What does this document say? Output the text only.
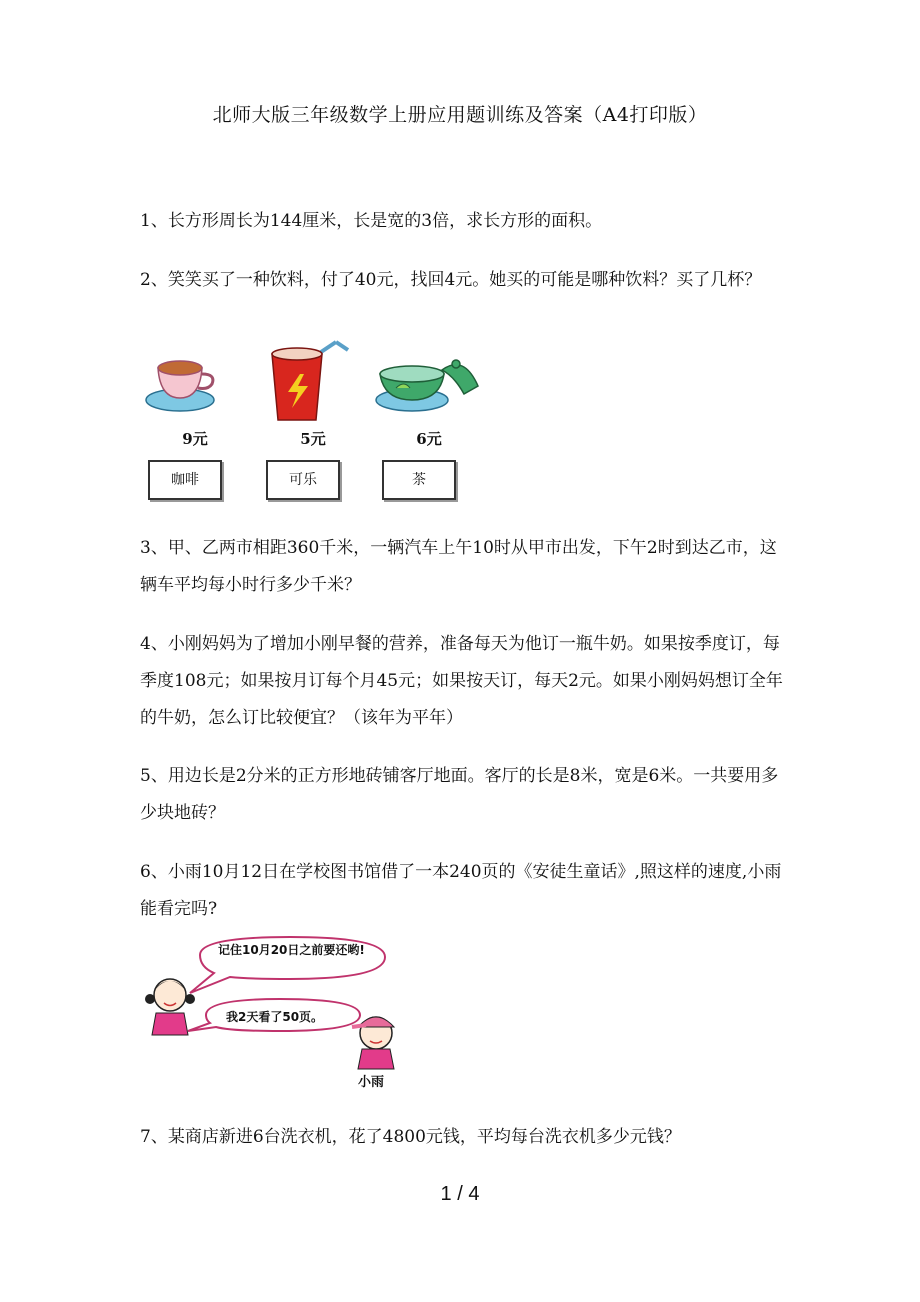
北师大版三年级数学上册应用题训练及答案（A4打印版）
1、长方形周长为144厘米，长是宽的3倍，求长方形的面积。
2、笑笑买了一种饮料，付了40元，找回4元。她买的可能是哪种饮料？买了几杯？
9元
咖啡
5元
可乐
6元
茶
3、甲、乙两市相距360千米，一辆汽车上午10时从甲市出发，下午2时到达乙市，这辆车平均每小时行多少千米？
4、小刚妈妈为了增加小刚早餐的营养，准备每天为他订一瓶牛奶。如果按季度订，每季度108元；如果按月订每个月45元；如果按天订，每天2元。如果小刚妈妈想订全年的牛奶，怎么订比较便宜？（该年为平年）
5、用边长是2分米的正方形地砖铺客厅地面。客厅的长是8米，宽是6米。一共要用多少块地砖？
6、小雨10月12日在学校图书馆借了一本240页的《安徒生童话》,照这样的速度,小雨能看完吗?
记住10月20日之前要还哟!
我2天看了50页。
小雨
7、某商店新进6台洗衣机，花了4800元钱，平均每台洗衣机多少元钱？
1 / 4
